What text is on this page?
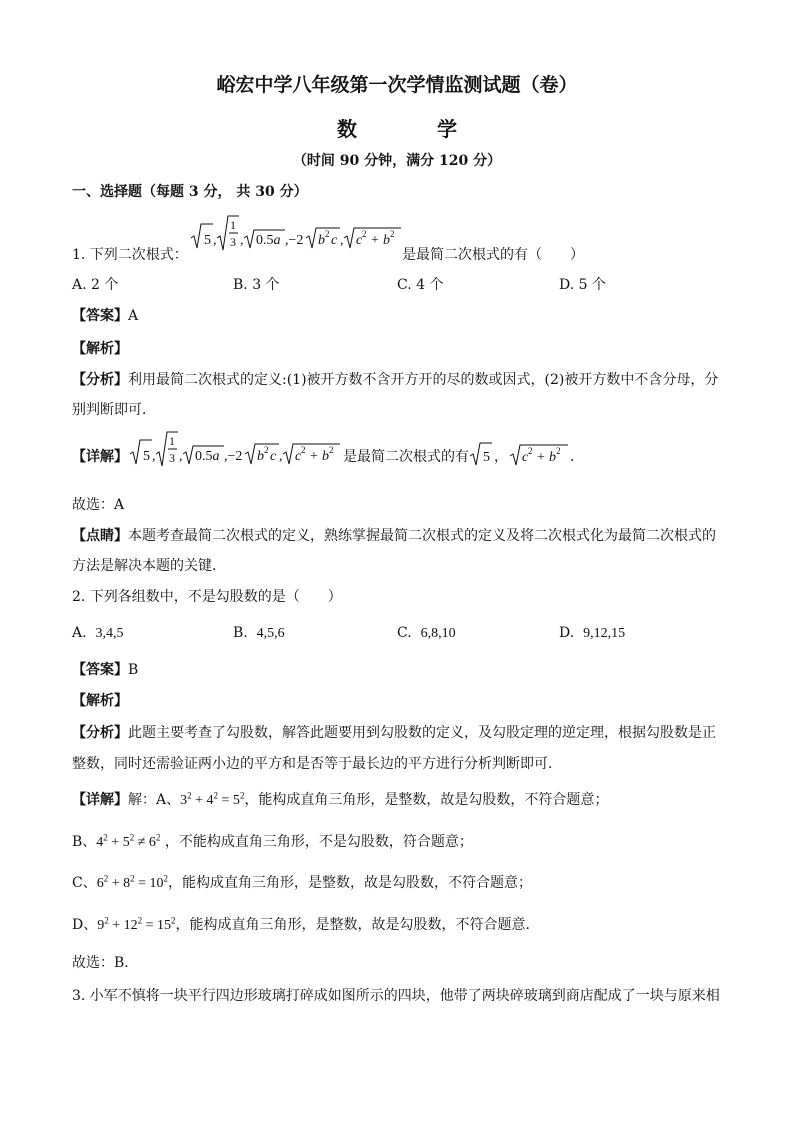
峪宏中学八年级第一次学情监测试题（卷）
数　　　　学
（时间 90 分钟，满分 120 分）
一、选择题（每题 3 分， 共 30 分）
1. 下列二次根式：
5 ,
1
3 , 0.5a ,−2 b 2 c , c 2 + b 2
是最简二次根式的有（　　）
A. 2 个	B. 3 个	C. 4 个	D. 5 个
【答案】A
【解析】
【分析】利用最简二次根式的定义:(1)被开方数不含开方开的尽的数或因式，(2)被开方数中不含分母，分
别判断即可．
【详解】 5 ,
1
3 , 0.5a ,−2 b 2 c , c 2 + b 2 是最简二次根式的有 5 ， c 2 + b 2 ．
故选：A
【点睛】本题考查最简二次根式的定义，熟练掌握最简二次根式的定义及将二次根式化为最简二次根式的
方法是解决本题的关键．
2. 下列各组数中，不是勾股数的是（　　）
A. 3,4,5	B. 4,5,6	C. 6,8,10	D. 9,12,15
【答案】B
【解析】
【分析】此题主要考查了勾股数，解答此题要用到勾股数的定义，及勾股定理的逆定理，根据勾股数是正
整数，同时还需验证两小边的平方和是否等于最长边的平方进行分析判断即可．
【详解】解：A、$3^2 + 4^2 = 5^2$，能构成直角三角形，是整数，故是勾股数，不符合题意；
B、$4^2 + 5^2 \ne 6^2$ ，不能构成直角三角形，不是勾股数，符合题意；
C、$6^2 + 8^2 = 10^2$，能构成直角三角形，是整数，故是勾股数，不符合题意；
D、$9^2 + 12^2 = 15^2$，能构成直角三角形，是整数，故是勾股数，不符合题意．
故选：B．
3. 小军不慎将一块平行四边形玻璃打碎成如图所示的四块，他带了两块碎玻璃到商店配成了一块与原来相
